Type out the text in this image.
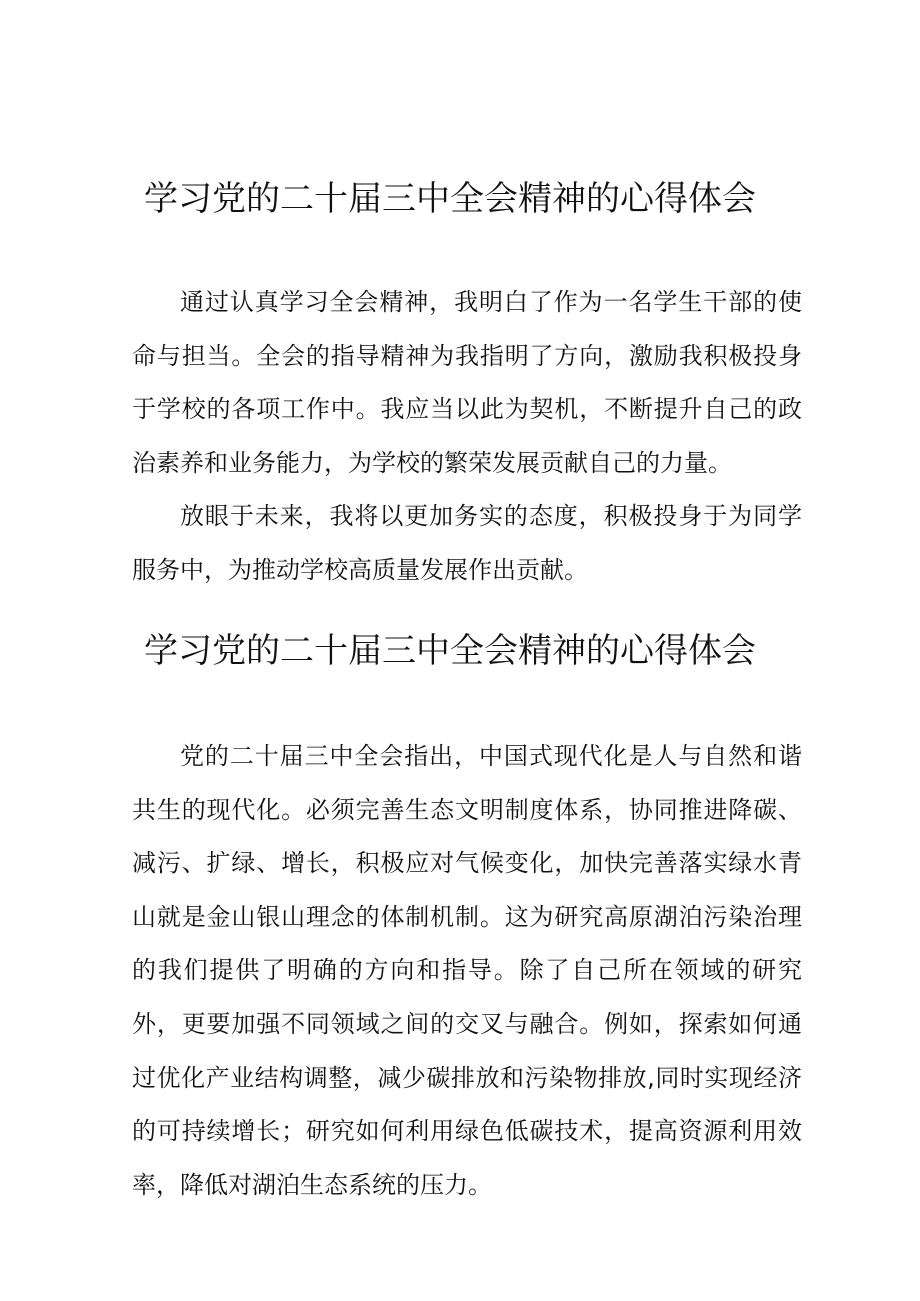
学习党的二十届三中全会精神的心得体会

通过认真学习全会精神，我明白了作为一名学生干部的使命与担当。全会的指导精神为我指明了方向，激励我积极投身于学校的各项工作中。我应当以此为契机，不断提升自己的政治素养和业务能力，为学校的繁荣发展贡献自己的力量。

放眼于未来，我将以更加务实的态度，积极投身于为同学服务中，为推动学校高质量发展作出贡献。

学习党的二十届三中全会精神的心得体会

党的二十届三中全会指出，中国式现代化是人与自然和谐共生的现代化。必须完善生态文明制度体系，协同推进降碳、减污、扩绿、增长，积极应对气候变化，加快完善落实绿水青山就是金山银山理念的体制机制。这为研究高原湖泊污染治理的我们提供了明确的方向和指导。除了自己所在领域的研究外，更要加强不同领域之间的交叉与融合。例如，探索如何通过优化产业结构调整，减少碳排放和污染物排放,同时实现经济的可持续增长；研究如何利用绿色低碳技术，提高资源利用效率，降低对湖泊生态系统的压力。
